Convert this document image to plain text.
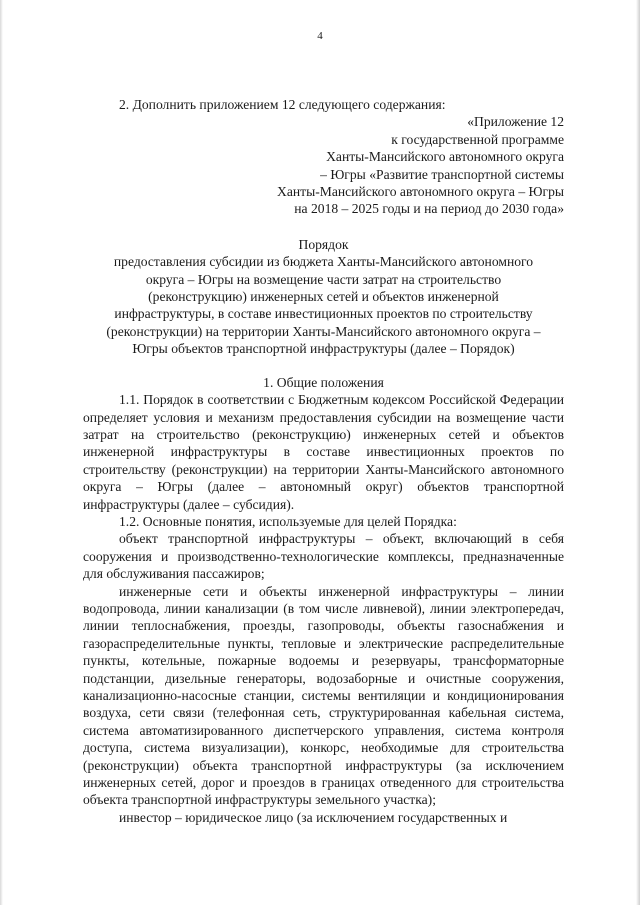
4

2. Дополнить приложением 12 следующего содержания:

«Приложение 12
к государственной программе
Ханты-Мансийского автономного округа
– Югры «Развитие транспортной системы
Ханты-Мансийского автономного округа – Югры
на 2018 – 2025 годы и на период до 2030 года»
Порядок
предоставления субсидии из бюджета Ханты-Мансийского автономного
округа – Югры на возмещение части затрат на строительство
(реконструкцию) инженерных сетей и объектов инженерной
инфраструктуры, в составе инвестиционных проектов по строительству
(реконструкции) на территории Ханты-Мансийского автономного округа –
Югры объектов транспортной инфраструктуры (далее – Порядок)
1. Общие положения

1.1. Порядок в соответствии с Бюджетным кодексом Российской Федерации определяет условия и механизм предоставления субсидии на возмещение части затрат на строительство (реконструкцию) инженерных сетей и объектов инженерной инфраструктуры в составе инвестиционных проектов по строительству (реконструкции) на территории Ханты-Мансийского автономного округа – Югры (далее – автономный округ) объектов транспортной инфраструктуры (далее – субсидия).

1.2. Основные понятия, используемые для целей Порядка:

объект транспортной инфраструктуры – объект, включающий в себя сооружения и производственно-технологические комплексы, предназначенные для обслуживания пассажиров;

инженерные сети и объекты инженерной инфраструктуры – линии водопровода, линии канализации (в том числе ливневой), линии электропередач, линии теплоснабжения, проезды, газопроводы, объекты газоснабжения и газораспределительные пункты, тепловые и электрические распределительные пункты, котельные, пожарные водоемы и резервуары, трансформаторные подстанции, дизельные генераторы, водозаборные и очистные сооружения, канализационно-насосные станции, системы вентиляции и кондиционирования воздуха, сети связи (телефонная сеть, структурированная кабельная система, система автоматизированного диспетчерского управления, система контроля доступа, система визуализации), конкорс, необходимые для строительства (реконструкции) объекта транспортной инфраструктуры (за исключением инженерных сетей, дорог и проездов в границах отведенного для строительства объекта транспортной инфраструктуры земельного участка);

инвестор – юридическое лицо (за исключением государственных и
